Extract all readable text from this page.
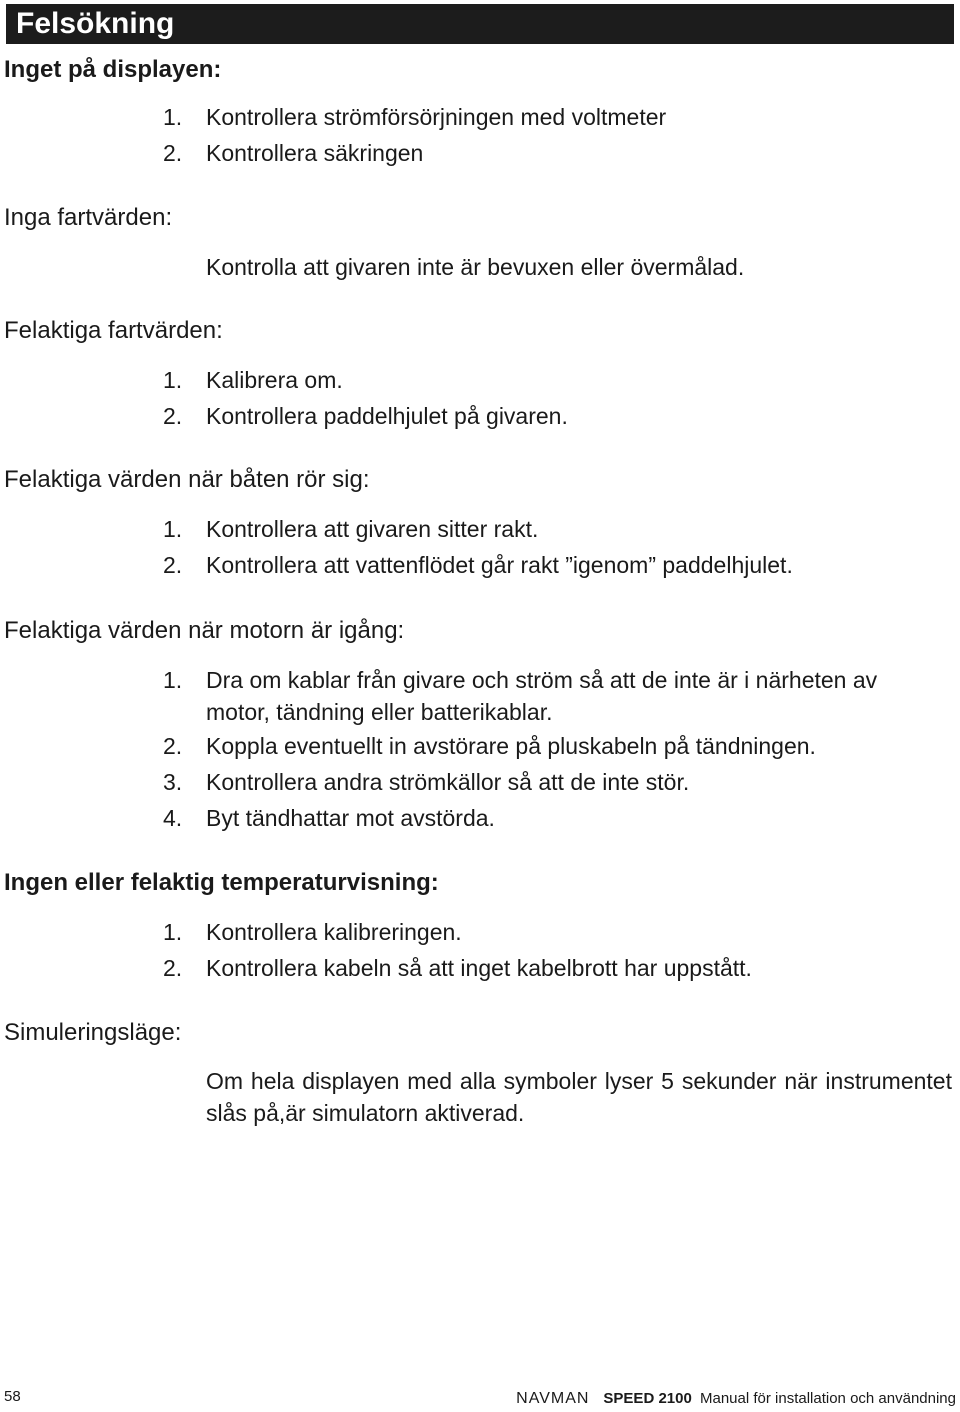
Felsökning
Inget på displayen:
1. Kontrollera strömförsörjningen med voltmeter
2. Kontrollera säkringen
Inga fartvärden:
Kontrolla att givaren inte är bevuxen eller övermålad.
Felaktiga fartvärden:
1. Kalibrera om.
2. Kontrollera paddelhjulet på givaren.
Felaktiga värden när båten rör sig:
1. Kontrollera att givaren sitter rakt.
2. Kontrollera att vattenflödet går rakt ”igenom” paddelhjulet.
Felaktiga värden när motorn är igång:
1. Dra om kablar från givare och ström så att de inte är i närheten av
motor, tändning eller batterikablar.
2. Koppla eventuellt in avstörare på pluskabeln på tändningen.
3. Kontrollera andra strömkällor så att de inte stör.
4. Byt tändhattar mot avstörda.
Ingen eller felaktig temperaturvisning:
1. Kontrollera kalibreringen.
2. Kontrollera kabeln så att inget kabelbrott har uppstått.
Simuleringsläge:
Om hela displayen med alla symboler lyser 5 sekunder när instrumentet slås på,är simulatorn aktiverad.
58	NAVMAN SPEED 2100 Manual för installation och användning
